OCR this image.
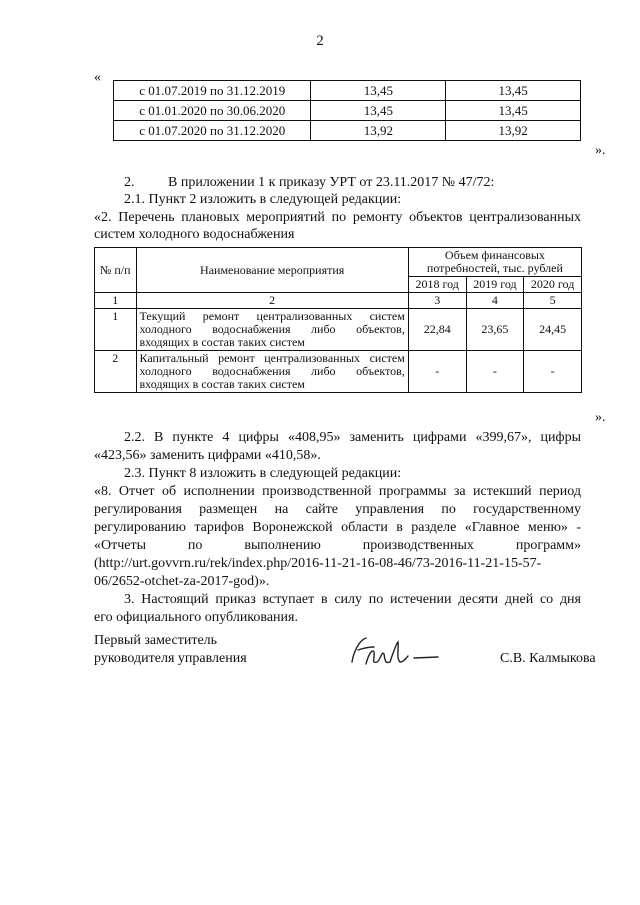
2
«
с 01.07.2019 по 31.12.2019	13,45	13,45
с 01.01.2020 по 30.06.2020	13,45	13,45
с 01.07.2020 по 31.12.2020	13,92	13,92
».
2. В приложении 1 к приказу УРТ от 23.11.2017 № 47/72:
2.1. Пункт 2 изложить в следующей редакции:
«2. Перечень плановых мероприятий по ремонту объектов централизованных
систем холодного водоснабжения
№ п/п	Наименование мероприятия	Объем финансовых потребностей, тыс. рублей		
		2018 год	2019 год	2020 год
1	2	3	4	5
1	Текущий ремонт централизованных систем холодного водоснабжения либо объектов, входящих в состав таких систем	22,84	23,65	24,45
2	Капитальный ремонт централизованных систем холодного водоснабжения либо объектов, входящих в состав таких систем	-	-	-
».
2.2. В пункте 4 цифры «408,95» заменить цифрами «399,67», цифры
«423,56» заменить цифрами «410,58».
2.3. Пункт 8 изложить в следующей редакции:
«8. Отчет об исполнении производственной программы за истекший период
регулирования размещен на сайте управления по государственному
регулированию тарифов Воронежской области в разделе «Главное меню» -
«Отчеты по выполнению производственных программ»
(http://urt.govvrn.ru/rek/index.php/2016-11-21-16-08-46/73-2016-11-21-15-57-
06/2652-otchet-za-2017-god)».
3. Настоящий приказ вступает в силу по истечении десяти дней со дня
его официального опубликования.
Первый заместитель
руководителя управления	С.В. Калмыкова
